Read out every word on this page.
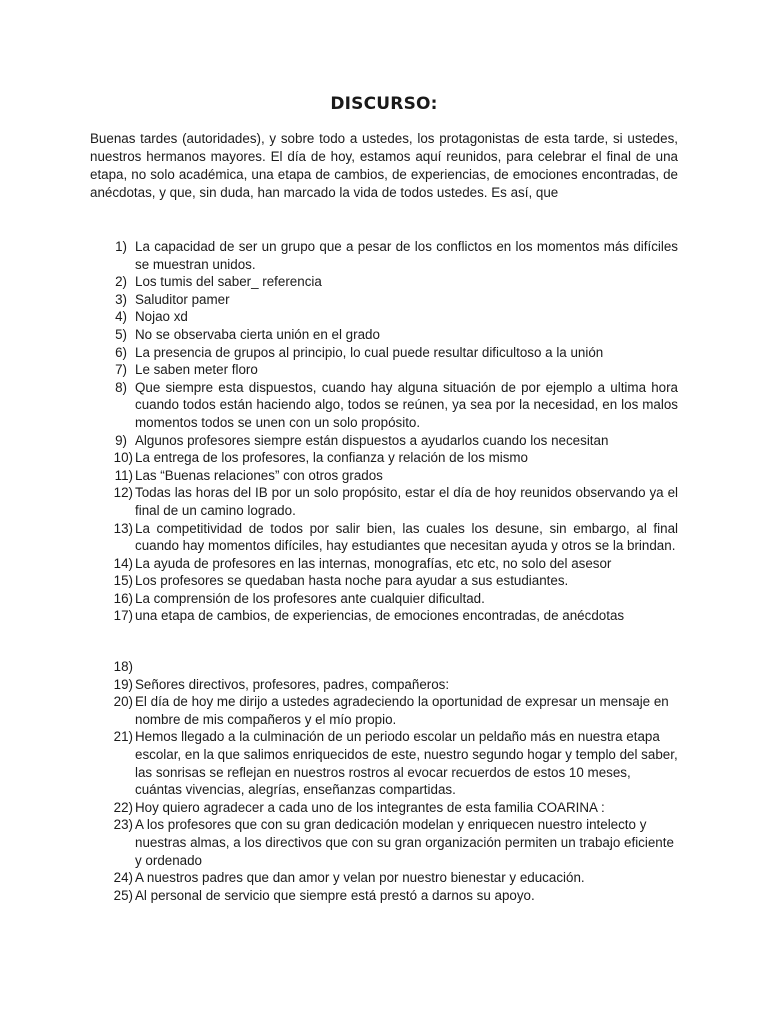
DISCURSO:

Buenas tardes (autoridades), y sobre todo a ustedes, los protagonistas de esta tarde, si ustedes, nuestros hermanos mayores. El día de hoy, estamos aquí reunidos, para celebrar el final de una etapa, no solo académica, una etapa de cambios, de experiencias, de emociones encontradas, de anécdotas, y que, sin duda, han marcado la vida de todos ustedes. Es así, que

1) La capacidad de ser un grupo que a pesar de los conflictos en los momentos más difíciles se muestran unidos.
2) Los tumis del saber_ referencia
3) Saluditor pamer
4) Nojao xd
5) No se observaba cierta unión en el grado
6) La presencia de grupos al principio, lo cual puede resultar dificultoso a la unión
7) Le saben meter floro
8) Que siempre esta dispuestos, cuando hay alguna situación de por ejemplo a ultima hora cuando todos están haciendo algo, todos se reúnen, ya sea por la necesidad, en los malos momentos todos se unen con un solo propósito.
9) Algunos profesores siempre están dispuestos a ayudarlos cuando los necesitan
10) La entrega de los profesores, la confianza y relación de los mismo
11) Las “Buenas relaciones” con otros grados
12) Todas las horas del IB por un solo propósito, estar el día de hoy reunidos observando ya el final de un camino logrado.
13) La competitividad de todos por salir bien, las cuales los desune, sin embargo, al final cuando hay momentos difíciles, hay estudiantes que necesitan ayuda y otros se la brindan.
14) La ayuda de profesores en las internas, monografías, etc etc, no solo del asesor
15) Los profesores se quedaban hasta noche para ayudar a sus estudiantes.
16) La comprensión de los profesores ante cualquier dificultad.
17) una etapa de cambios, de experiencias, de emociones encontradas, de anécdotas
18)
19) Señores directivos, profesores, padres, compañeros:
20) El día de hoy me dirijo a ustedes agradeciendo la oportunidad de expresar un mensaje en nombre de mis compañeros y el mío propio.
21) Hemos llegado a la culminación de un periodo escolar un peldaño más en nuestra etapa escolar, en la que salimos enriquecidos de este, nuestro segundo hogar y templo del saber, las sonrisas se reflejan en nuestros rostros al evocar recuerdos de estos 10 meses, cuántas vivencias, alegrías, enseñanzas compartidas.
22) Hoy quiero agradecer a cada uno de los integrantes de esta familia COARINA :
23) A los profesores que con su gran dedicación modelan y enriquecen nuestro intelecto y nuestras almas, a los directivos que con su gran organización permiten un trabajo eficiente y ordenado
24) A nuestros padres que dan amor y velan por nuestro bienestar y educación.
25) Al personal de servicio que siempre está prestó a darnos su apoyo.
